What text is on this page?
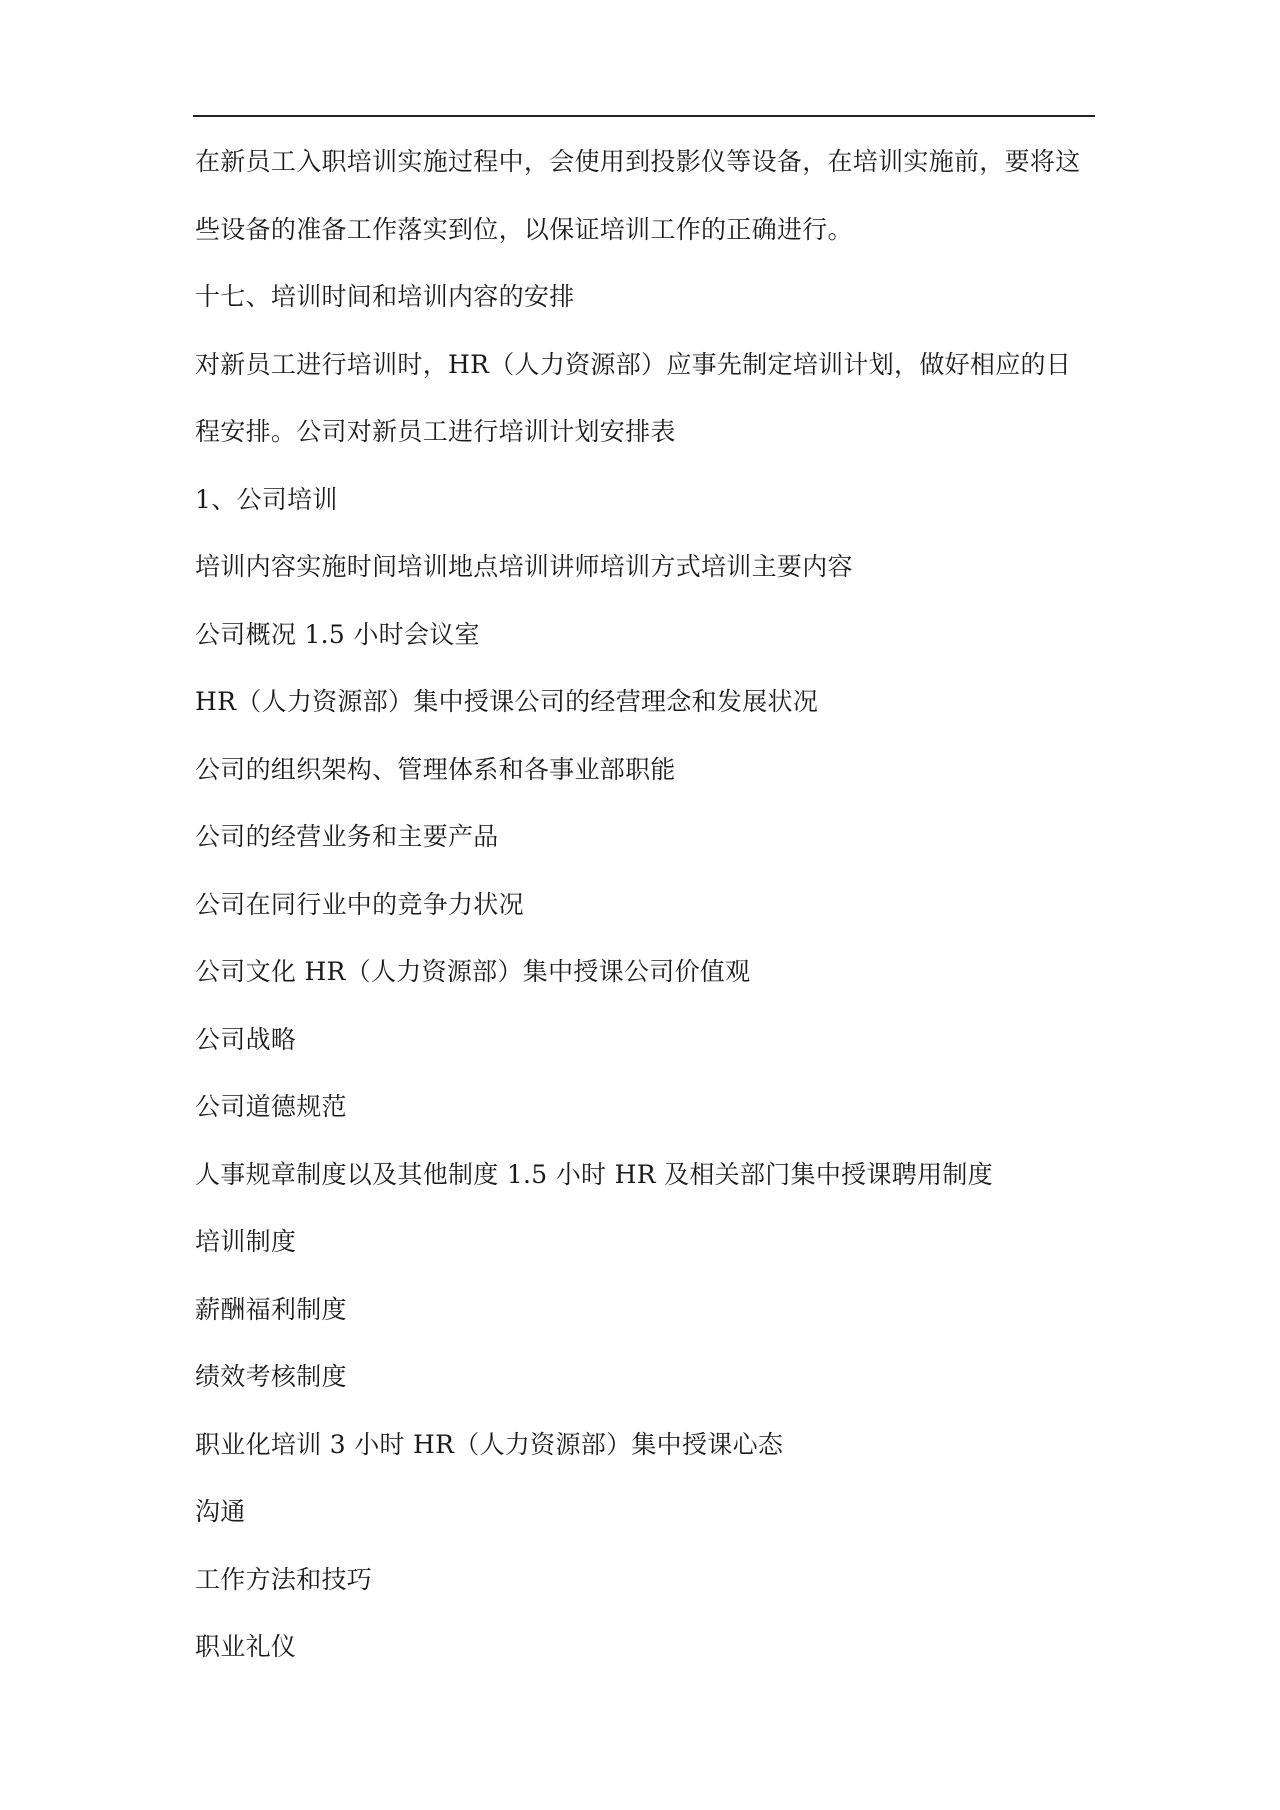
在新员工入职培训实施过程中，会使用到投影仪等设备，在培训实施前，要将这
些设备的准备工作落实到位，以保证培训工作的正确进行。
十七、培训时间和培训内容的安排
对新员工进行培训时，HR（人力资源部）应事先制定培训计划，做好相应的日
程安排。公司对新员工进行培训计划安排表
1、公司培训
培训内容实施时间培训地点培训讲师培训方式培训主要内容
公司概况 1.5 小时会议室
HR（人力资源部）集中授课公司的经营理念和发展状况
公司的组织架构、管理体系和各事业部职能
公司的经营业务和主要产品
公司在同行业中的竞争力状况
公司文化 HR（人力资源部）集中授课公司价值观
公司战略
公司道德规范
人事规章制度以及其他制度 1.5 小时 HR 及相关部门集中授课聘用制度
培训制度
薪酬福利制度
绩效考核制度
职业化培训 3 小时 HR（人力资源部）集中授课心态
沟通
工作方法和技巧
职业礼仪
